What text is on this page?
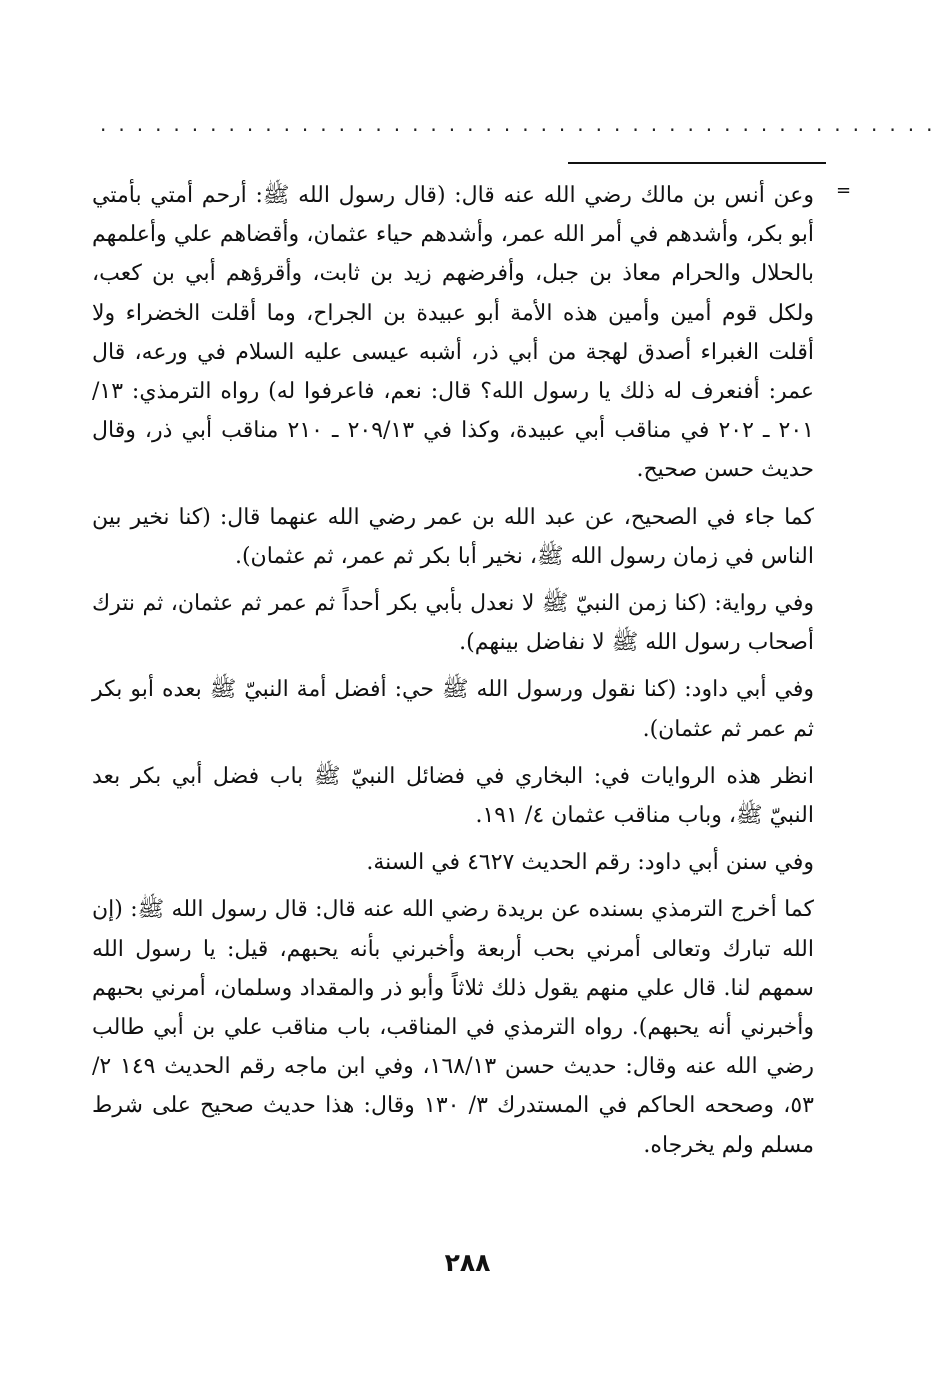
..............................................
=

وعن أنس بن مالك رضي الله عنه قال: (قال رسول الله ﷺ: أرحم أمتي بأمتي أبو بكر، وأشدهم في أمر الله عمر، وأشدهم حياء عثمان، وأقضاهم علي وأعلمهم بالحلال والحرام معاذ بن جبل، وأفرضهم زيد بن ثابت، وأقرؤهم أبي بن كعب، ولكل قوم أمين وأمين هذه الأمة أبو عبيدة بن الجراح، وما أقلت الخضراء ولا أقلت الغبراء أصدق لهجة من أبي ذر، أشبه عيسى عليه السلام في ورعه، قال عمر: أفنعرف له ذلك يا رسول الله؟ قال: نعم، فاعرفوا له) رواه الترمذي: ١٣/ ٢٠١ ـ ٢٠٢ في مناقب أبي عبيدة، وكذا في ٢٠٩/١٣ ـ ٢١٠ مناقب أبي ذر، وقال حديث حسن صحيح.

كما جاء في الصحيح، عن عبد الله بن عمر رضي الله عنهما قال: (كنا نخير بين الناس في زمان رسول الله ﷺ، نخير أبا بكر ثم عمر، ثم عثمان).

وفي رواية: (كنا زمن النبيّ ﷺ لا نعدل بأبي بكر أحداً ثم عمر ثم عثمان، ثم نترك أصحاب رسول الله ﷺ لا نفاضل بينهم).

وفي أبي داود: (كنا نقول ورسول الله ﷺ حي: أفضل أمة النبيّ ﷺ بعده أبو بكر ثم عمر ثم عثمان).

انظر هذه الروايات في: البخاري في فضائل النبيّ ﷺ باب فضل أبي بكر بعد النبيّ ﷺ، وباب مناقب عثمان ٤/ ١٩١.

وفي سنن أبي داود: رقم الحديث ٤٦٢٧ في السنة.

كما أخرج الترمذي بسنده عن بريدة رضي الله عنه قال: قال رسول الله ﷺ: (إن الله تبارك وتعالى أمرني بحب أربعة وأخبرني بأنه يحبهم، قيل: يا رسول الله سمهم لنا. قال علي منهم يقول ذلك ثلاثاً وأبو ذر والمقداد وسلمان، أمرني بحبهم وأخبرني أنه يحبهم). رواه الترمذي في المناقب، باب مناقب علي بن أبي طالب رضي الله عنه وقال: حديث حسن ١٦٨/١٣، وفي ابن ماجه رقم الحديث ١٤٩ ٢/ ٥٣، وصححه الحاكم في المستدرك ٣/ ١٣٠ وقال: هذا حديث صحيح على شرط مسلم ولم يخرجاه.

٢٨٨
